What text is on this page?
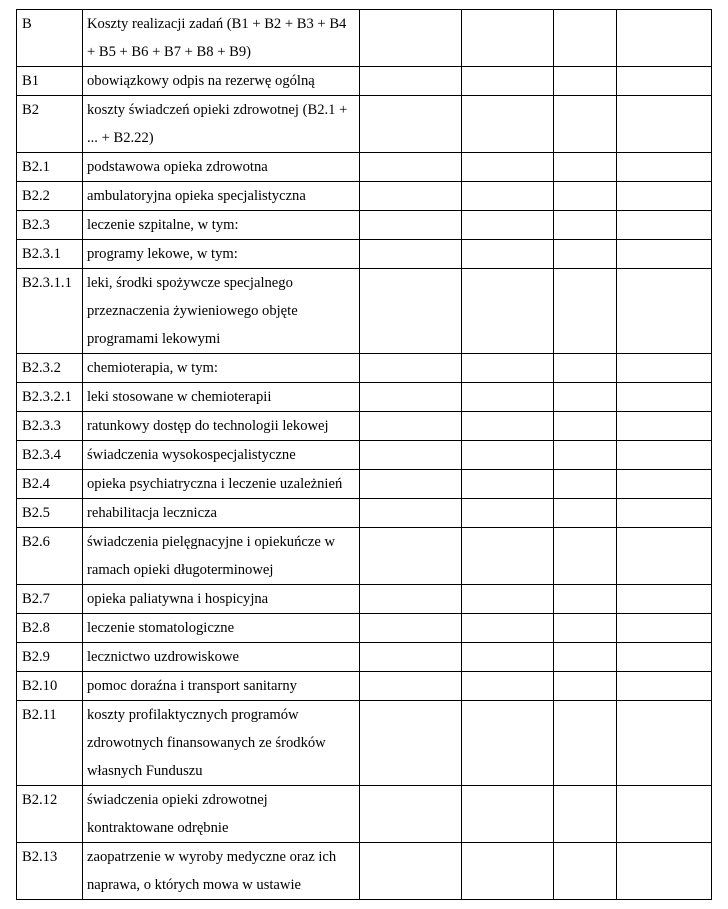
B	Koszty realizacji zadań (B1 + B2 + B3 + B4 + B5 + B6 + B7 + B8 + B9)				
B1	obowiązkowy odpis na rezerwę ogólną				
B2	koszty świadczeń opieki zdrowotnej (B2.1 + ... + B2.22)				
B2.1	podstawowa opieka zdrowotna				
B2.2	ambulatoryjna opieka specjalistyczna				
B2.3	leczenie szpitalne, w tym:				
B2.3.1	programy lekowe, w tym:				
B2.3.1.1	leki, środki spożywcze specjalnego przeznaczenia żywieniowego objęte programami lekowymi				
B2.3.2	chemioterapia, w tym:				
B2.3.2.1	leki stosowane w chemioterapii				
B2.3.3	ratunkowy dostęp do technologii lekowej				
B2.3.4	świadczenia wysokospecjalistyczne				
B2.4	opieka psychiatryczna i leczenie uzależnień				
B2.5	rehabilitacja lecznicza				
B2.6	świadczenia pielęgnacyjne i opiekuńcze w ramach opieki długoterminowej				
B2.7	opieka paliatywna i hospicyjna				
B2.8	leczenie stomatologiczne				
B2.9	lecznictwo uzdrowiskowe				
B2.10	pomoc doraźna i transport sanitarny				
B2.11	koszty profilaktycznych programów zdrowotnych finansowanych ze środków własnych Funduszu				
B2.12	świadczenia opieki zdrowotnej kontraktowane odrębnie				
B2.13	zaopatrzenie w wyroby medyczne oraz ich naprawa, o których mowa w ustawie				
